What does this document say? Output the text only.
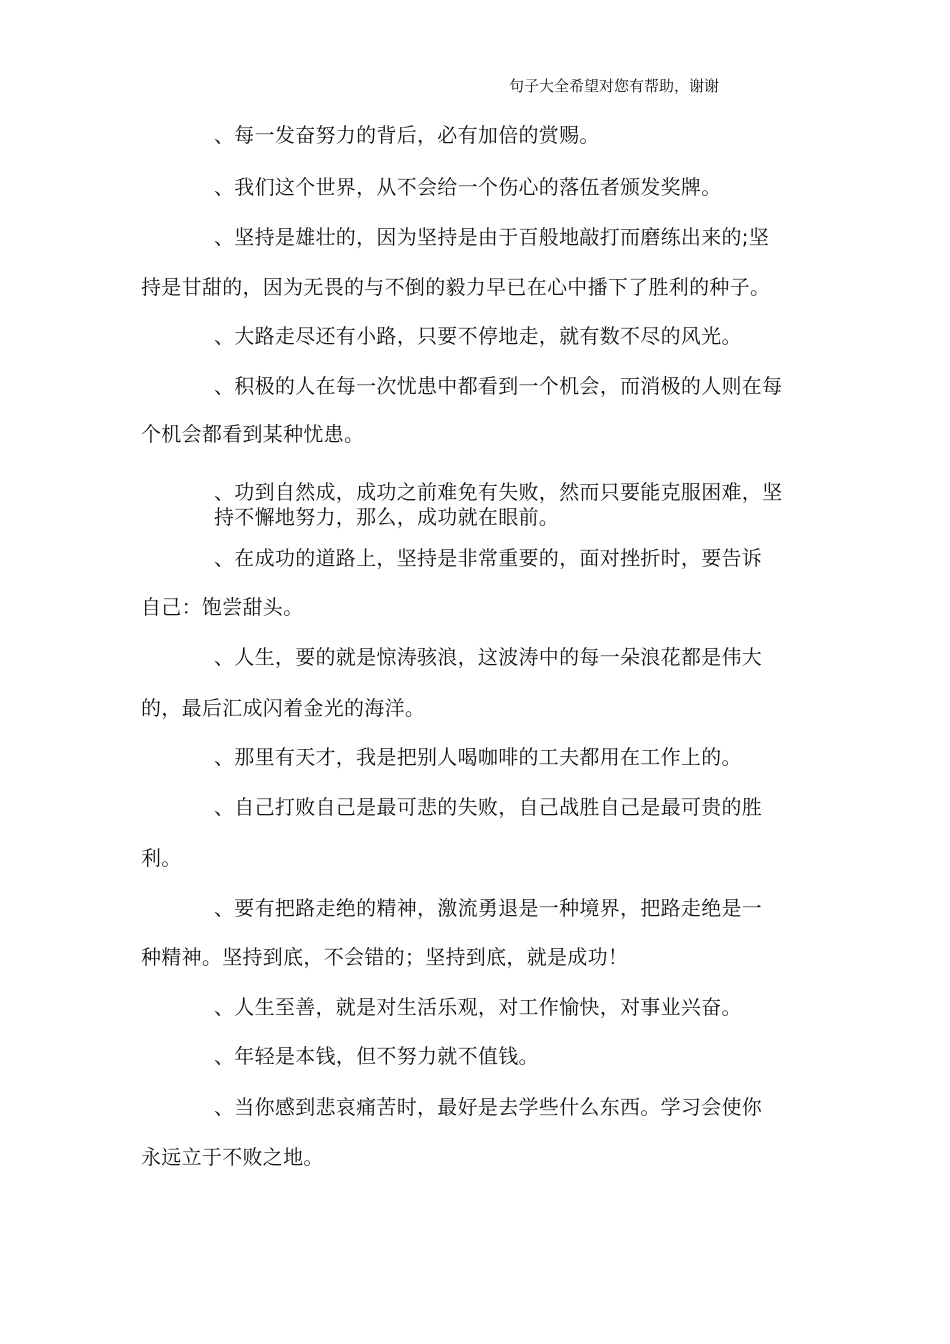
句子大全希望对您有帮助，谢谢
、每一发奋努力的背后，必有加倍的赏赐。
、我们这个世界，从不会给一个伤心的落伍者颁发奖牌。
、坚持是雄壮的，因为坚持是由于百般地敲打而磨练出来的;坚
持是甘甜的，因为无畏的与不倒的毅力早已在心中播下了胜利的种子。
、大路走尽还有小路，只要不停地走，就有数不尽的风光。
、积极的人在每一次忧患中都看到一个机会，而消极的人则在每
个机会都看到某种忧患。
、功到自然成，成功之前难免有失败，然而只要能克服困难，坚
持不懈地努力，那么，成功就在眼前。
、在成功的道路上，坚持是非常重要的，面对挫折时，要告诉
自己：饱尝甜头。
、人生，要的就是惊涛骇浪，这波涛中的每一朵浪花都是伟大
的，最后汇成闪着金光的海洋。
、那里有天才，我是把别人喝咖啡的工夫都用在工作上的。
、自己打败自己是最可悲的失败，自己战胜自己是最可贵的胜
利。
、要有把路走绝的精神，激流勇退是一种境界，把路走绝是一
种精神。坚持到底，不会错的；坚持到底，就是成功！
、人生至善，就是对生活乐观，对工作愉快，对事业兴奋。
、年轻是本钱，但不努力就不值钱。
、当你感到悲哀痛苦时，最好是去学些什么东西。学习会使你
永远立于不败之地。
